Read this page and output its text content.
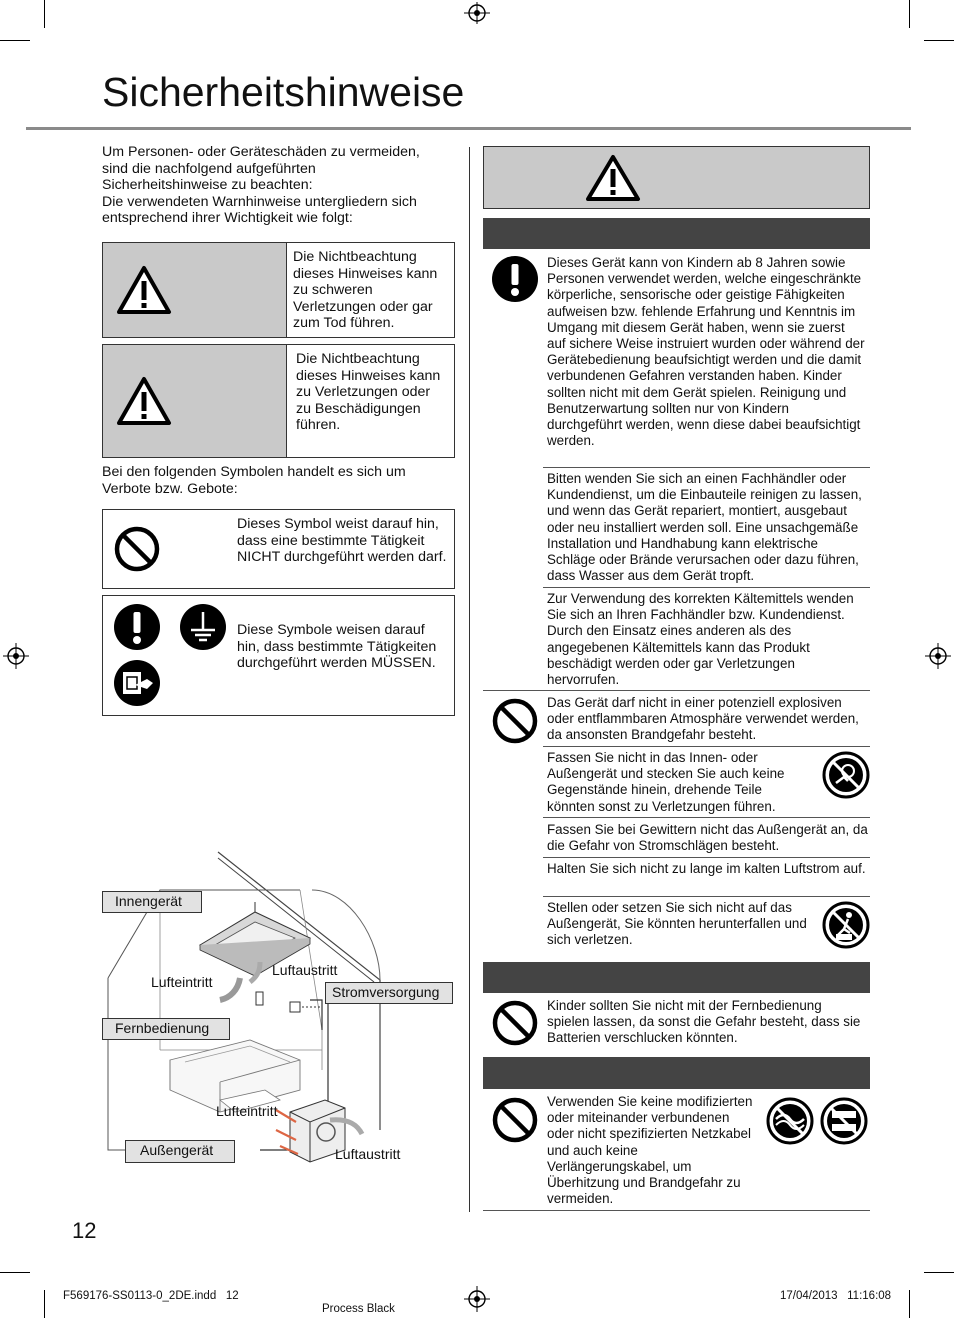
Sicherheitshinweise
Um Personen- oder Geräteschäden zu vermeiden, sind die nachfolgend aufgeführten Sicherheitshinweise zu beachten:
Die verwendeten Warnhinweise untergliedern sich entsprechend ihrer Wichtigkeit wie folgt:
Die Nichtbeachtung dieses Hinweises kann zu schweren Verletzungen oder gar zum Tod führen.
Die Nichtbeachtung dieses Hinweises kann zu Verletzungen oder zu Beschädigungen führen.
Bei den folgenden Symbolen handelt es sich um Verbote bzw. Gebote:
Dieses Symbol weist darauf hin, dass eine bestimmte Tätigkeit NICHT durchgeführt werden darf.
Diese Symbole weisen darauf hin, dass bestimmte Tätigkeiten durchgeführt werden MÜSSEN.
Innengerät
Lufteintritt
Luftaustritt
Stromversorgung
Fernbedienung
Lufteintritt
Außengerät	Luftaustritt
12
Dieses Gerät kann von Kindern ab 8 Jahren sowie Personen verwendet werden, welche eingeschränkte körperliche, sensorische oder geistige Fähigkeiten aufweisen bzw. fehlende Erfahrung und Kenntnis im Umgang mit diesem Gerät haben, wenn sie zuerst auf sichere Weise instruiert wurden oder während der Gerätebedienung beaufsichtigt werden und die damit verbundenen Gefahren verstanden haben. Kinder sollten nicht mit dem Gerät spielen. Reinigung und Benutzerwartung sollten nur von Kindern durchgeführt werden, wenn diese dabei beaufsichtigt werden.
Bitten wenden Sie sich an einen Fachhändler oder Kundendienst, um die Einbauteile reinigen zu lassen, und wenn das Gerät repariert, montiert, ausgebaut oder neu installiert werden soll. Eine unsachgemäße Installation und Handhabung kann elektrische Schläge oder Brände verursachen oder dazu führen, dass Wasser aus dem Gerät tropft.
Zur Verwendung des korrekten Kältemittels wenden Sie sich an Ihren Fachhändler bzw. Kundendienst. Durch den Einsatz eines anderen als des angegebenen Kältemittels kann das Produkt beschädigt werden oder gar Verletzungen hervorrufen.
Das Gerät darf nicht in einer potenziell explosiven oder entflammbaren Atmosphäre verwendet werden, da ansonsten Brandgefahr besteht.
Fassen Sie nicht in das Innen- oder Außengerät und stecken Sie auch keine Gegenstände hinein, drehende Teile könnten sonst zu Verletzungen führen.
Fassen Sie bei Gewittern nicht das Außengerät an, da die Gefahr von Stromschlägen besteht.
Halten Sie sich nicht zu lange im kalten Luftstrom auf.
Stellen oder setzen Sie sich nicht auf das Außengerät, Sie könnten herunterfallen und sich verletzen.
Kinder sollten Sie nicht mit der Fernbedienung spielen lassen, da sonst die Gefahr besteht, dass sie Batterien verschlucken könnten.
Verwenden Sie keine modifizierten oder miteinander verbundenen oder nicht spezifizierten Netzkabel und auch keine Verlängerungskabel, um Überhitzung und Brandgefahr zu vermeiden.
F569176-SS0113-0_2DE.indd   12
Process Black
17/04/2013   11:16:08
